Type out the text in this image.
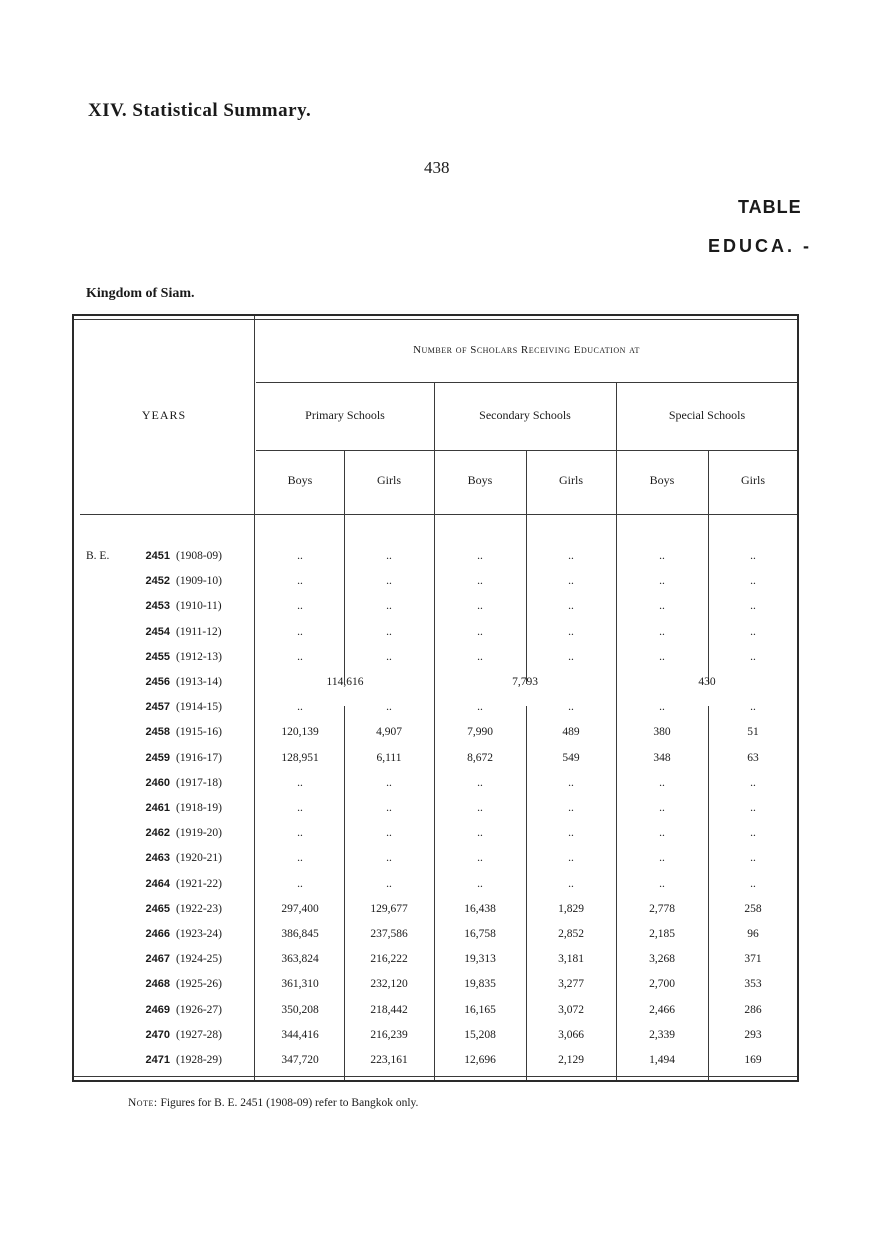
XIV. Statistical Summary.
438
TABLE
EDUCA. -
Kingdom of Siam.
YEARS
Number of Scholars Receiving Education at
Primary Schools	Secondary Schools	Special Schools
Boys	Girls	Boys	Girls	Boys	Girls
B. E.	2451 (1908-09)	..	..	..	..	..	..
2452 (1909-10)	..	..	..	..	..	..
2453 (1910-11)	..	..	..	..	..	..
2454 (1911-12)	..	..	..	..	..	..
2455 (1912-13)	..	..	..	..	..	..
2456 (1913-14)	114,616	7,793	430
2457 (1914-15)	..	..	..	..	..	..
2458 (1915-16)	120,139	4,907	7,990	489	380	51
2459 (1916-17)	128,951	6,111	8,672	549	348	63
2460 (1917-18)	..	..	..	..	..	..
2461 (1918-19)	..	..	..	..	..	..
2462 (1919-20)	..	..	..	..	..	..
2463 (1920-21)	..	..	..	..	..	..
2464 (1921-22)	..	..	..	..	..	..
2465 (1922-23)	297,400	129,677	16,438	1,829	2,778	258
2466 (1923-24)	386,845	237,586	16,758	2,852	2,185	96
2467 (1924-25)	363,824	216,222	19,313	3,181	3,268	371
2468 (1925-26)	361,310	232,120	19,835	3,277	2,700	353
2469 (1926-27)	350,208	218,442	16,165	3,072	2,466	286
2470 (1927-28)	344,416	216,239	15,208	3,066	2,339	293
2471 (1928-29)	347,720	223,161	12,696	2,129	1,494	169
Note: Figures for B. E. 2451 (1908-09) refer to Bangkok only.
